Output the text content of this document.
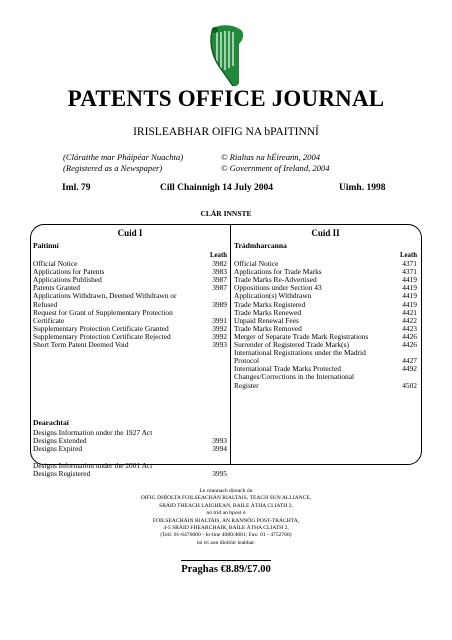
PATENTS OFFICE JOURNAL
IRISLEABHAR OIFIG NA bPAITINNÍ
(Cláraithe mar Pháipéar Nuachta)
(Registered as a Newspaper)
© Rialtas na hÉireann, 2004
© Government of Ireland, 2004
Iml. 79	Cill Chainnigh 14 July 2004	Uimh. 1998
CLÁR INNSTE
Cuid I
Paitinní
Leath
Official Notice	3982
Applications for Patents	3983
Applications Published	3987
Patents Granted	3987
Applications Withdrawn, Deemed Withdrawn or
Refused	3989
Request for Grant of Supplementary Protection
Certificate	3991
Supplementary Protection Certificate Granted	3992
Supplementary Protection Certificate Rejected	3992
Short Term Patent Deemed Void	3993
Dearachtaí
Designs Information under the 1927 Act
Designs Extended	3993
Designs Expired	3994
Designs Information under the 2001 Act
Designs Registered	3995
Cuid II
Trádmharcanna
Leath
Official Notice	4371
Applications for Trade Marks	4371
Trade Marks Re-Advertised	4419
Oppositions under Section 43	4419
Application(s) Withdrawn	4419
Trade Marks Registered	4419
Trade Marks Renewed	4421
Unpaid Renewal Fees	4422
Trade Marks Removed	4423
Merger of Separate Trade Mark Registrations	4426
Surrender of Registered Trade Mark(s)	4426
International Registrations under the Madrid
Protocol	4427
International Trade Marks Protected	4492
Changes/Corrections in the International
Register	4502
Le ceannach díreach ón
OIFIG DHÍOLTA FOILSEACHÁN RIALTAIS, TEACH SUN ALLIANCE,
SRÁID THEACH LAIGHEAN, BAILE ÁTHA CLIATH 2,
nó tríd an bpost ó
FOILSEACHÁIN RIALTAIS, AN RANNÓG POST-TRÁCHTA,
4-5 SRÁID FHEARCHAIR, BAILE ÁTHA CLIATH 2,
(Teil: 01-6476000 - fo-líne 4080/4081; Fax: 01 - 4752760)
nó trí aon díoltóir leabhar.
Praghas €8.89/£7.00
